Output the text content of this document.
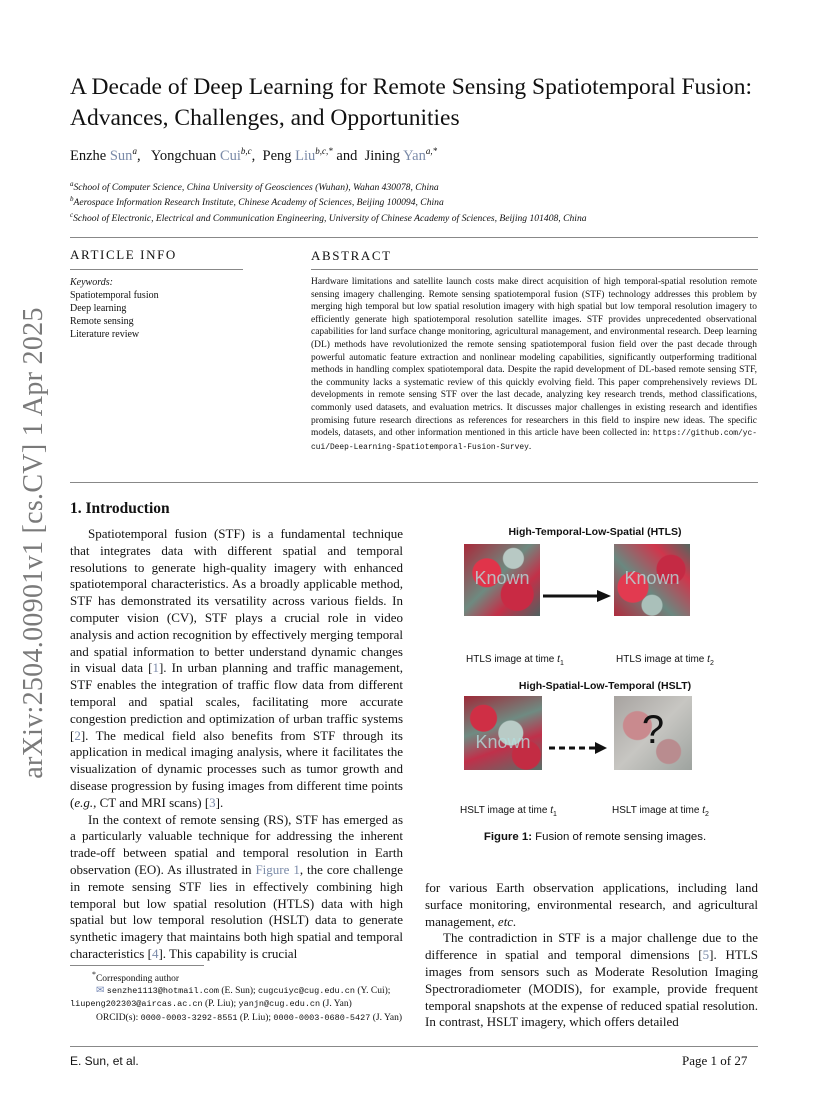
arXiv:2504.00901v1 [cs.CV] 1 Apr 2025
A Decade of Deep Learning for Remote Sensing Spatiotemporal Fusion:
Advances, Challenges, and Opportunities
Enzhe Sun$^a$, Yongchuan Cui$^{b,c}$, Peng Liu$^{b,c,*}$ and Jining Yan$^{a,*}$
$^a$School of Computer Science, China University of Geosciences (Wuhan), Wahan 430078, China
$^b$Aerospace Information Research Institute, Chinese Academy of Sciences, Beijing 100094, China
$^c$School of Electronic, Electrical and Communication Engineering, University of Chinese Academy of Sciences, Beijing 101408, China
ARTICLE INFO
Keywords:
Spatiotemporal fusion
Deep learning
Remote sensing
Literature review
ABSTRACT
Hardware limitations and satellite launch costs make direct acquisition of high temporal-spatial resolution remote sensing imagery challenging. Remote sensing spatiotemporal fusion (STF) technology addresses this problem by merging high temporal but low spatial resolution imagery with high spatial but low temporal resolution imagery to efficiently generate high spatiotemporal resolution satellite images. STF provides unprecedented observational capabilities for land surface change monitoring, agricultural management, and environmental research. Deep learning (DL) methods have revolutionized the remote sensing spatiotemporal fusion field over the past decade through powerful automatic feature extraction and nonlinear modeling capabilities, significantly outperforming traditional methods in handling complex spatiotemporal data. Despite the rapid development of DL-based remote sensing STF, the community lacks a systematic review of this quickly evolving field. This paper comprehensively reviews DL developments in remote sensing STF over the last decade, analyzing key research trends, method classifications, commonly used datasets, and evaluation metrics. It discusses major challenges in existing research and identifies promising future research directions as references for researchers in this field to inspire new ideas. The specific models, datasets, and other information mentioned in this article have been collected in: https://github.com/yc-cui/Deep-Learning-Spatiotemporal-Fusion-Survey.
1. Introduction

Spatiotemporal fusion (STF) is a fundamental technique that integrates data with different spatial and temporal resolutions to generate high-quality imagery with enhanced spatiotemporal characteristics. As a broadly applicable method, STF has demonstrated its versatility across various fields. In computer vision (CV), STF plays a crucial role in video analysis and action recognition by effectively merging temporal and spatial information to better understand dynamic changes in visual data [1]. In urban planning and traffic management, STF enables the integration of traffic flow data from different temporal and spatial scales, facilitating more accurate congestion prediction and optimization of urban traffic systems [2]. The medical field also benefits from STF through its application in medical imaging analysis, where it facilitates the visualization of dynamic processes such as tumor growth and disease progression by fusing images from different time points (e.g., CT and MRI scans) [3].

In the context of remote sensing (RS), STF has emerged as a particularly valuable technique for addressing the inherent trade-off between spatial and temporal resolution in Earth observation (EO). As illustrated in Figure 1, the core challenge in remote sensing STF lies in effectively combining high temporal but low spatial resolution (HTLS) data with high spatial but low temporal resolution (HSLT) data to generate synthetic imagery that maintains both high spatial and temporal characteristics [4]. This capability is crucial

High-Temporal-Low-Spatial (HTLS)
Known	Known
HTLS image at time $t_1$	HTLS image at time $t_2$
High-Spatial-Low-Temporal (HSLT)
Known	?
HSLT image at time $t_1$	HSLT image at time $t_2$
Figure 1: Fusion of remote sensing images.

for various Earth observation applications, including land surface monitoring, environmental research, and agricultural management, etc.

The contradiction in STF is a major challenge due to the difference in spatial and temporal dimensions [5]. HTLS images from sensors such as Moderate Resolution Imaging Spectroradiometer (MODIS), for example, provide frequent temporal snapshots at the expense of reduced spatial resolution. In contrast, HSLT imagery, which offers detailed

*Corresponding author
✉ senzhe1113@hotmail.com (E. Sun); cugcuiyc@cug.edu.cn (Y. Cui);
liupeng202303@aircas.ac.cn (P. Liu); yanjn@cug.edu.cn (J. Yan)
ORCID(s): 0000-0003-3292-8551 (P. Liu); 0000-0003-0680-5427 (J. Yan)
E. Sun, et al.	Page 1 of 27
